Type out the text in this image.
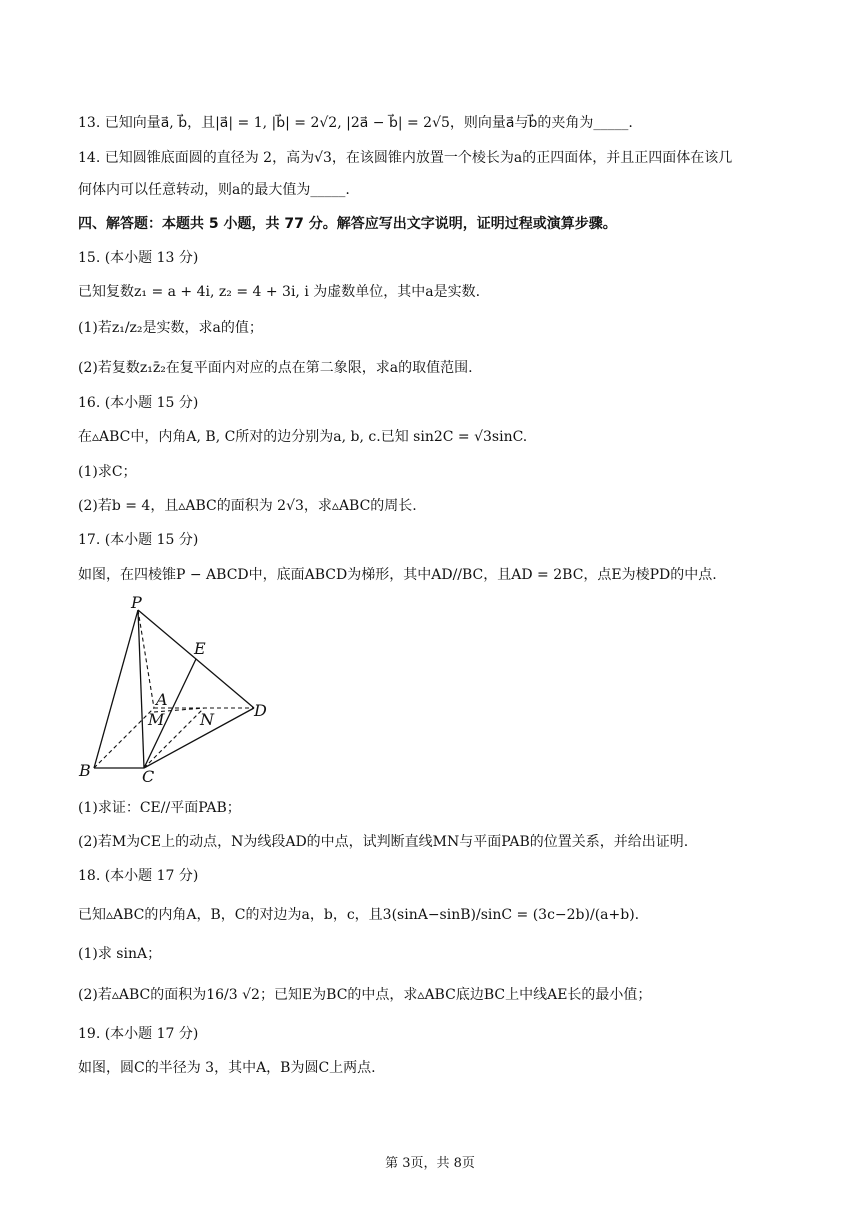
13. 已知向量a⃗, b⃗，且|a⃗| = 1, |b⃗| = 2√2, |2a⃗ − b⃗| = 2√5，则向量a⃗与b⃗的夹角为_____.
14. 已知圆锥底面圆的直径为 2，高为√3，在该圆锥内放置一个棱长为a的正四面体，并且正四面体在该几
何体内可以任意转动，则a的最大值为_____.
四、解答题：本题共 5 小题，共 77 分。解答应写出文字说明，证明过程或演算步骤。
15. (本小题 13 分)
已知复数z₁ = a + 4i, z₂ = 4 + 3i, i 为虚数单位，其中a是实数.
(1)若z₁/z₂是实数，求a的值；
(2)若复数z₁z̄₂在复平面内对应的点在第二象限，求a的取值范围.
16. (本小题 15 分)
在▵ABC中，内角A, B, C所对的边分别为a, b, c.已知 sin2C = √3sinC.
(1)求C；
(2)若b = 4，且▵ABC的面积为 2√3，求▵ABC的周长.
17. (本小题 15 分)
如图，在四棱锥P − ABCD中，底面ABCD为梯形，其中AD//BC，且AD = 2BC，点E为棱PD的中点.
P
E
A
M N	D
B	C
(1)求证：CE//平面PAB；
(2)若M为CE上的动点，N为线段AD的中点，试判断直线MN与平面PAB的位置关系，并给出证明.
18. (本小题 17 分)
已知▵ABC的内角A，B，C的对边为a，b，c，且3(sinA−sinB)/sinC = (3c−2b)/(a+b).
(1)求 sinA；
(2)若▵ABC的面积为16/3 √2；已知E为BC的中点，求▵ABC底边BC上中线AE长的最小值；
19. (本小题 17 分)
如图，圆C的半径为 3，其中A，B为圆C上两点.
第 3页，共 8页
